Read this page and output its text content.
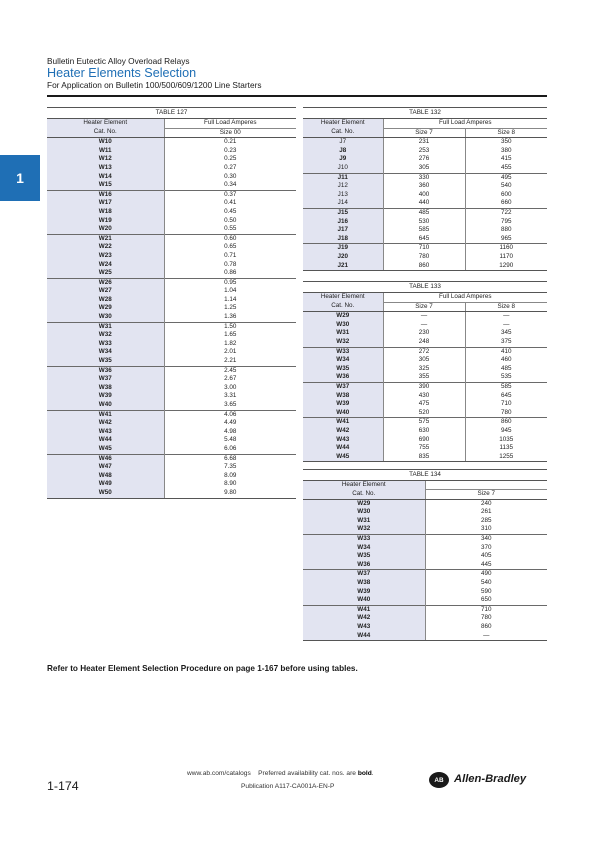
Bulletin Eutectic Alloy Overload Relays
Heater Elements Selection
For Application on Bulletin 100/500/609/1200 Line Starters
1
TABLE 127	
Heater Element	Full Load Amperes
Cat. No.	Size 00
W10	0.21
W11	0.23
W12	0.25
W13	0.27
W14	0.30
W15	0.34
W16	0.37
W17	0.41
W18	0.45
W19	0.50
W20	0.55
W21	0.60
W22	0.65
W23	0.71
W24	0.78
W25	0.86
W26	0.95
W27	1.04
W28	1.14
W29	1.25
W30	1.36
W31	1.50
W32	1.65
W33	1.82
W34	2.01
W35	2.21
W36	2.45
W37	2.67
W38	3.00
W39	3.31
W40	3.65
W41	4.06
W42	4.49
W43	4.98
W44	5.48
W45	6.06
W46	6.68
W47	7.35
W48	8.09
W49	8.90
W50	9.80
TABLE 132		
Heater Element	Full Load Amperes	
Cat. No.	Size 7	Size 8
J7	231	350
J8	253	380
J9	276	415
J10	305	455
J11	330	495
J12	360	540
J13	400	600
J14	440	660
J15	485	722
J16	530	795
J17	585	880
J18	645	965
J19	710	1160
J20	780	1170
J21	860	1290
TABLE 133		
Heater Element	Full Load Amperes	
Cat. No.	Size 7	Size 8
W29	—	—
W30	—	—
W31	230	345
W32	248	375
W33	272	410
W34	305	460
W35	325	485
W36	355	535
W37	390	585
W38	430	645
W39	475	710
W40	520	780
W41	575	860
W42	630	945
W43	690	1035
W44	755	1135
W45	835	1255
TABLE 134	
Heater Element	
Cat. No.	Size 7
W29	240
W30	261
W31	285
W32	310
W33	340
W34	370
W35	405
W36	445
W37	490
W38	540
W39	590
W40	650
W41	710
W42	780
W43	860
W44	—
Refer to Heater Element Selection Procedure on page 1-167 before using tables.
1-174
www.ab.com/catalogs Preferred availability cat. nos. are bold.
Publication A117-CA001A-EN-P
AB Allen-Bradley
